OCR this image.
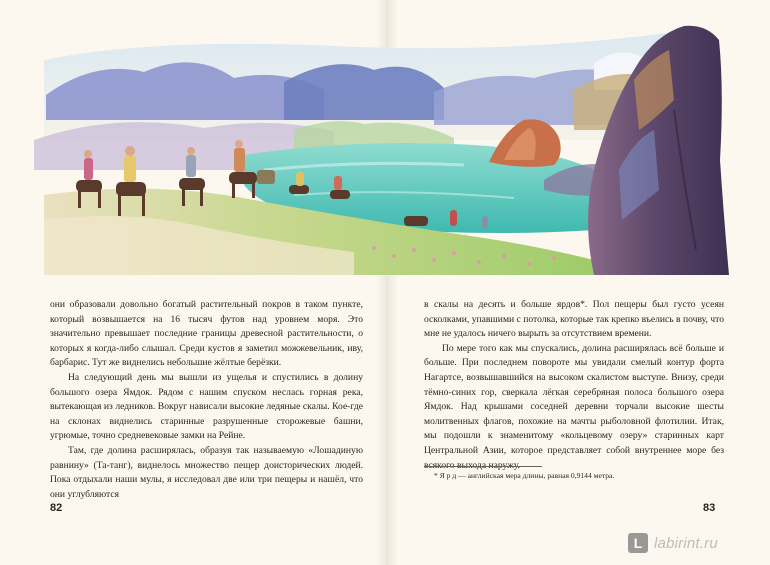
они образовали довольно богатый растительный покров в таком пункте, который возвышается на 16 тысяч футов над уровнем моря. Это значительно превышает последние границы древесной растительности, о которых я когда-либо слышал. Среди кустов я заметил можжевельник, иву, барбарис. Тут же виднелись небольшие жёлтые берёзки.

На следующий день мы вышли из ущелья и спустились в долину большого озера Ямдок. Рядом с нашим спуском неслась горная река, вытекающая из ледников. Вокруг нависали высокие ледяные скалы. Кое-где на склонах виднелись старинные разрушенные сторожевые башни, угрюмые, точно средневековые замки на Рейне.

Там, где долина расширялась, образуя так называемую «Лошадиную равнину» (Та-танг), виднелось множество пещер доисторических людей. Пока отдыхали наши мулы, я исследовал две или три пещеры и нашёл, что они углубляются

в скалы на десять и больше ярдов*. Пол пещеры был густо усеян осколками, упавшими с потолка, которые так крепко въелись в почву, что мне не удалось ничего вырыть за отсутствием времени.

По мере того как мы спускались, долина расширялась всё больше и больше. При последнем повороте мы увидали смелый контур форта Нагартсе, возвышавшийся на высоком скалистом выступе. Внизу, среди тёмно-синих гор, сверкала лёгкая серебряная полоса большого озера Ямдок. Над крышами соседней деревни торчали высокие шесты молитвенных флагов, похожие на мачты рыболовной флотилии. Итак, мы подошли к знаменитому «кольцевому озеру» старинных карт Центральной Азии, которое представляет собой внутреннее море без всякого выхода наружу.

* Я р д — английская мера длины, равная 0,9144 метра.
82	83
L labirint.ru
